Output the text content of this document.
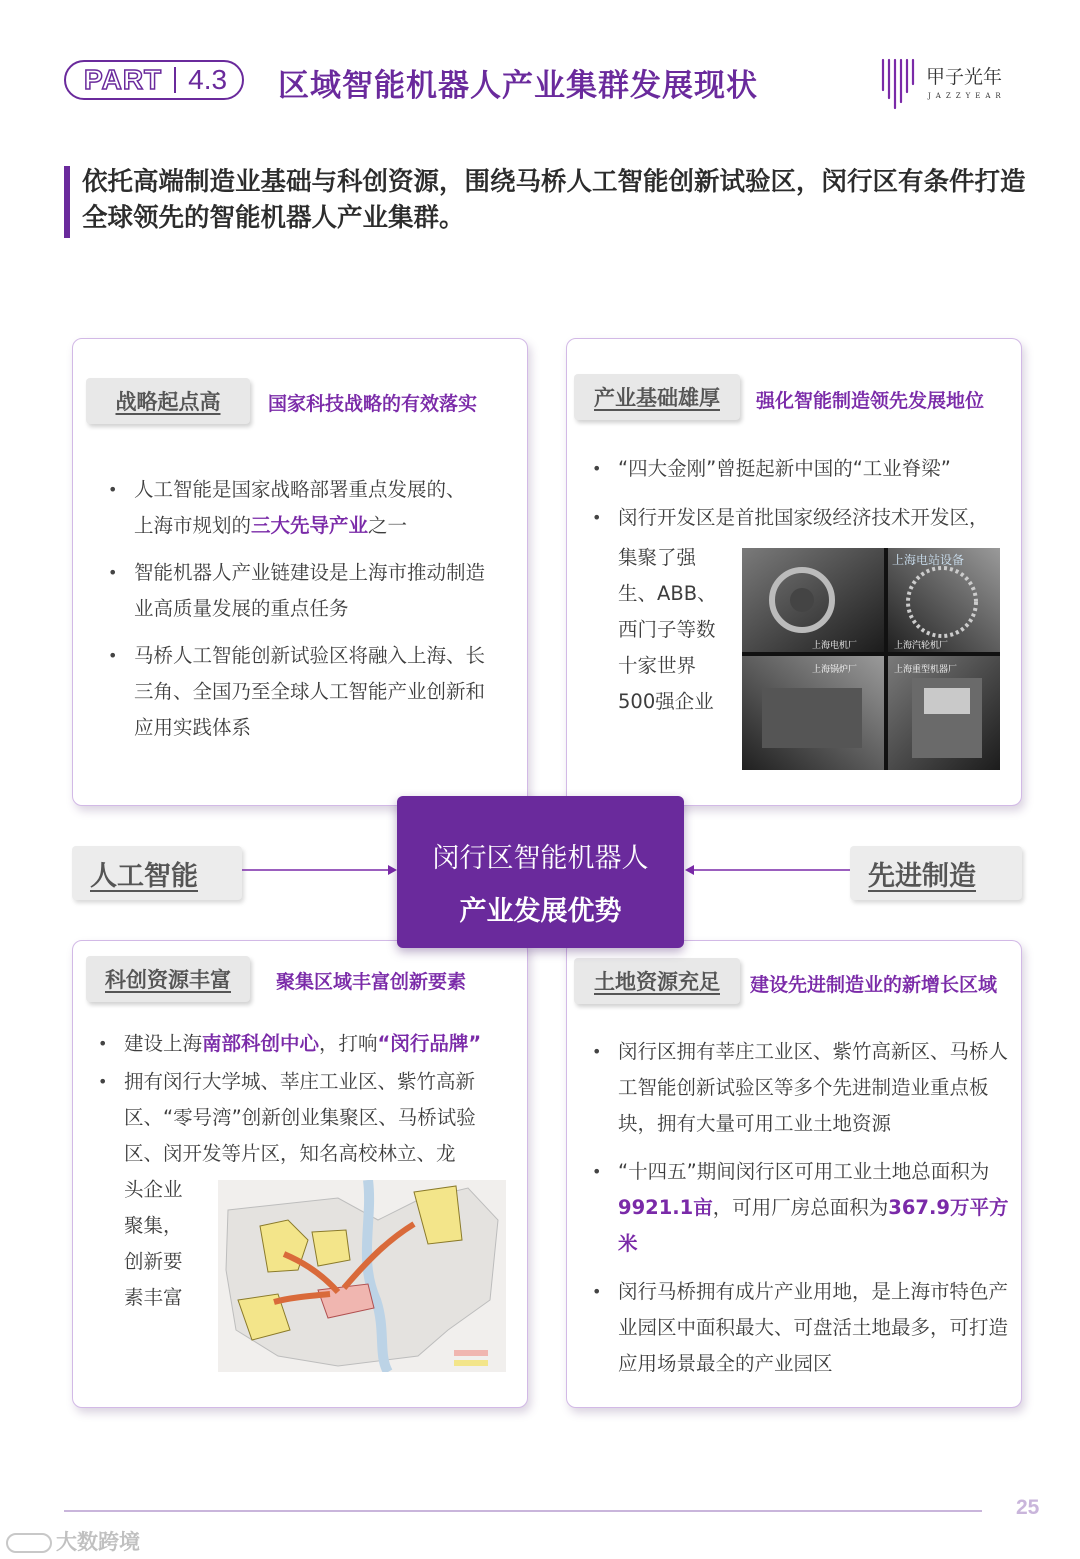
PART 4.3 区域智能机器人产业集群发展现状	甲子光年
JAZZYEAR
依托高端制造业基础与科创资源，围绕马桥人工智能创新试验区，闵行区有条件打造全球领先的智能机器人产业集群。
战略起点高	国家科技战略的有效落实
• 人工智能是国家战略部署重点发展的、上海市规划的三大先导产业之一
• 智能机器人产业链建设是上海市推动制造业高质量发展的重点任务
• 马桥人工智能创新试验区将融入上海、长三角、全国乃至全球人工智能产业创新和应用实践体系
产业基础雄厚	强化智能制造领先发展地位
• “四大金刚”曾挺起新中国的“工业脊梁”
• 闵行开发区是首批国家级经济技术开发区，
集聚了强生、ABB、西门子等数十家世界500强企业
上海电机厂	上海汽轮机厂
上海锅炉厂	上海重型机器厂
上海电站设备
人工智能	先进制造
科创资源丰富	聚集区域丰富创新要素
• 建设上海南部科创中心，打响“闵行品牌”
• 拥有闵行大学城、莘庄工业区、紫竹高新区、“零号湾”创新创业集聚区、马桥试验区、闵开发等片区，知名高校林立、龙
头企业聚集，创新要素丰富
土地资源充足	建设先进制造业的新增长区域
• 闵行区拥有莘庄工业区、紫竹高新区、马桥人工智能创新试验区等多个先进制造业重点板块，拥有大量可用工业土地资源
• “十四五”期间闵行区可用工业土地总面积为9921.1亩，可用厂房总面积为367.9万平方米
• 闵行马桥拥有成片产业用地，是上海市特色产业园区中面积最大、可盘活土地最多，可打造应用场景最全的产业园区
闵行区智能机器人
产业发展优势
25
大数跨境
